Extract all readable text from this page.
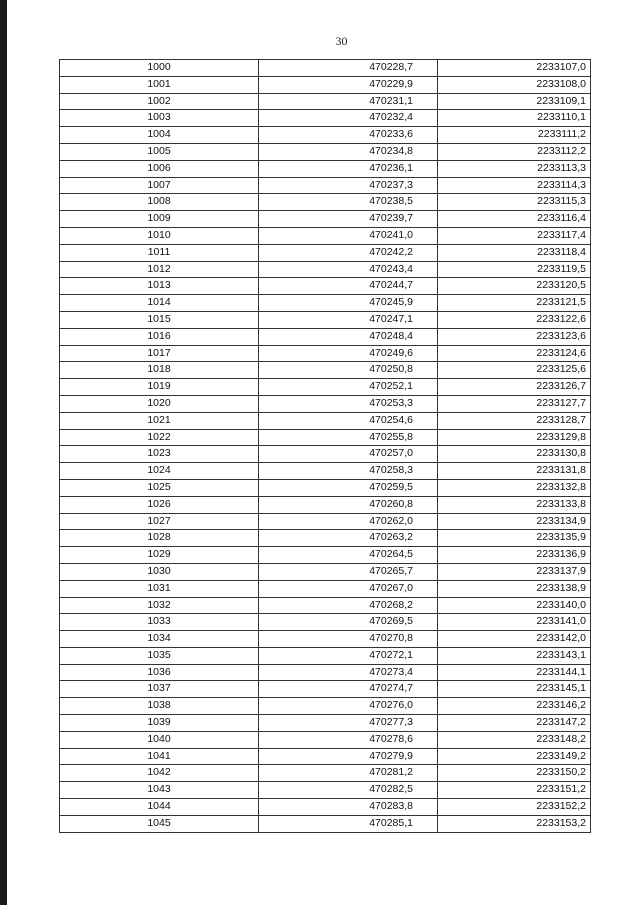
30
1000	470228,7	2233107,0
1001	470229,9	2233108,0
1002	470231,1	2233109,1
1003	470232,4	2233110,1
1004	470233,6	2233111,2
1005	470234,8	2233112,2
1006	470236,1	2233113,3
1007	470237,3	2233114,3
1008	470238,5	2233115,3
1009	470239,7	2233116,4
1010	470241,0	2233117,4
1011	470242,2	2233118,4
1012	470243,4	2233119,5
1013	470244,7	2233120,5
1014	470245,9	2233121,5
1015	470247,1	2233122,6
1016	470248,4	2233123,6
1017	470249,6	2233124,6
1018	470250,8	2233125,6
1019	470252,1	2233126,7
1020	470253,3	2233127,7
1021	470254,6	2233128,7
1022	470255,8	2233129,8
1023	470257,0	2233130,8
1024	470258,3	2233131,8
1025	470259,5	2233132,8
1026	470260,8	2233133,8
1027	470262,0	2233134,9
1028	470263,2	2233135,9
1029	470264,5	2233136,9
1030	470265,7	2233137,9
1031	470267,0	2233138,9
1032	470268,2	2233140,0
1033	470269,5	2233141,0
1034	470270,8	2233142,0
1035	470272,1	2233143,1
1036	470273,4	2233144,1
1037	470274,7	2233145,1
1038	470276,0	2233146,2
1039	470277,3	2233147,2
1040	470278,6	2233148,2
1041	470279,9	2233149,2
1042	470281,2	2233150,2
1043	470282,5	2233151,2
1044	470283,8	2233152,2
1045	470285,1	2233153,2
